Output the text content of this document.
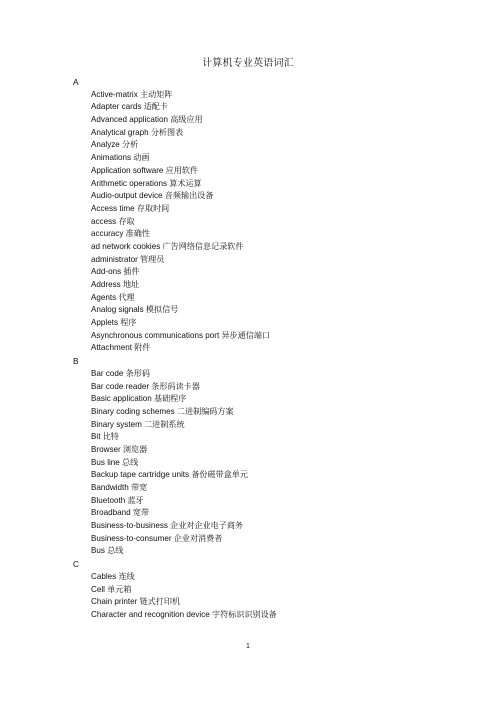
计算机专业英语词汇
A
Active-matrix 主动矩阵
Adapter cards 适配卡
Advanced application 高级应用
Analytical graph 分析图表
Analyze 分析
Animations 动画
Application software 应用软件
Arithmetic operations 算术运算
Audio-output device 音频输出设备
Access time 存取时间
access 存取
accuracy 准确性
ad network cookies 广告网络信息记录软件
administrator 管理员
Add-ons 插件
Address 地址
Agents 代理
Analog signals 模拟信号
Applets 程序
Asynchronous communications port 异步通信端口
Attachment 附件
B
Bar code 条形码
Bar code reader 条形码读卡器
Basic application 基础程序
Binary coding schemes 二进制编码方案
Binary system 二进制系统
Bit 比特
Browser 浏览器
Bus line 总线
Backup tape cartridge units 备份磁带盒单元
Bandwidth 带宽
Bluetooth 蓝牙
Broadband 宽带
Business-to-business 企业对企业电子商务
Business-to-consumer 企业对消费者
Bus 总线
C
Cables 连线
Cell 单元箱
Chain printer 链式打印机
Character and recognition device 字符标识识别设备
1
